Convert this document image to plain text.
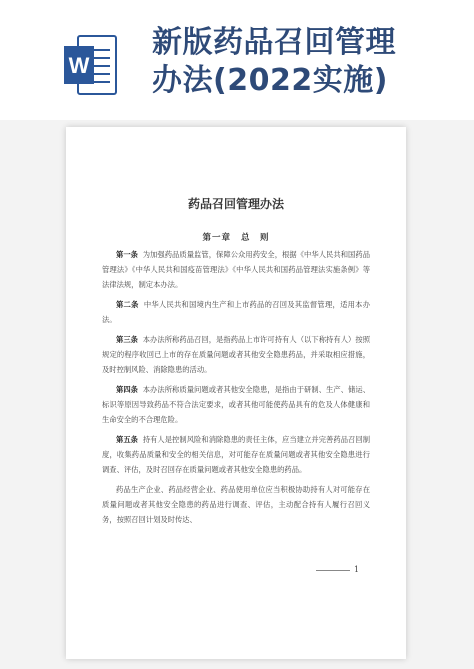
W
新版药品召回管理
办法(2022实施)
药品召回管理办法
第一章 总　则

第一条 为加强药品质量监管，保障公众用药安全，根据《中华人民共和国药品管理法》《中华人民共和国疫苗管理法》《中华人民共和国药品管理法实施条例》等法律法规，制定本办法。

第二条 中华人民共和国境内生产和上市药品的召回及其监督管理，适用本办法。

第三条 本办法所称药品召回，是指药品上市许可持有人（以下称持有人）按照规定的程序收回已上市的存在质量问题或者其他安全隐患药品，并采取相应措施，及时控制风险、消除隐患的活动。

第四条 本办法所称质量问题或者其他安全隐患，是指由于研制、生产、储运、标识等原因导致药品不符合法定要求，或者其他可能使药品具有的危及人体健康和生命安全的不合理危险。

第五条 持有人是控制风险和消除隐患的责任主体，应当建立并完善药品召回制度，收集药品质量和安全的相关信息，对可能存在质量问题或者其他安全隐患进行调查、评估，及时召回存在质量问题或者其他安全隐患的药品。

药品生产企业、药品经营企业、药品使用单位应当积极协助持有人对可能存在质量问题或者其他安全隐患的药品进行调查、评估，主动配合持有人履行召回义务，按照召回计划及时传达、

1
